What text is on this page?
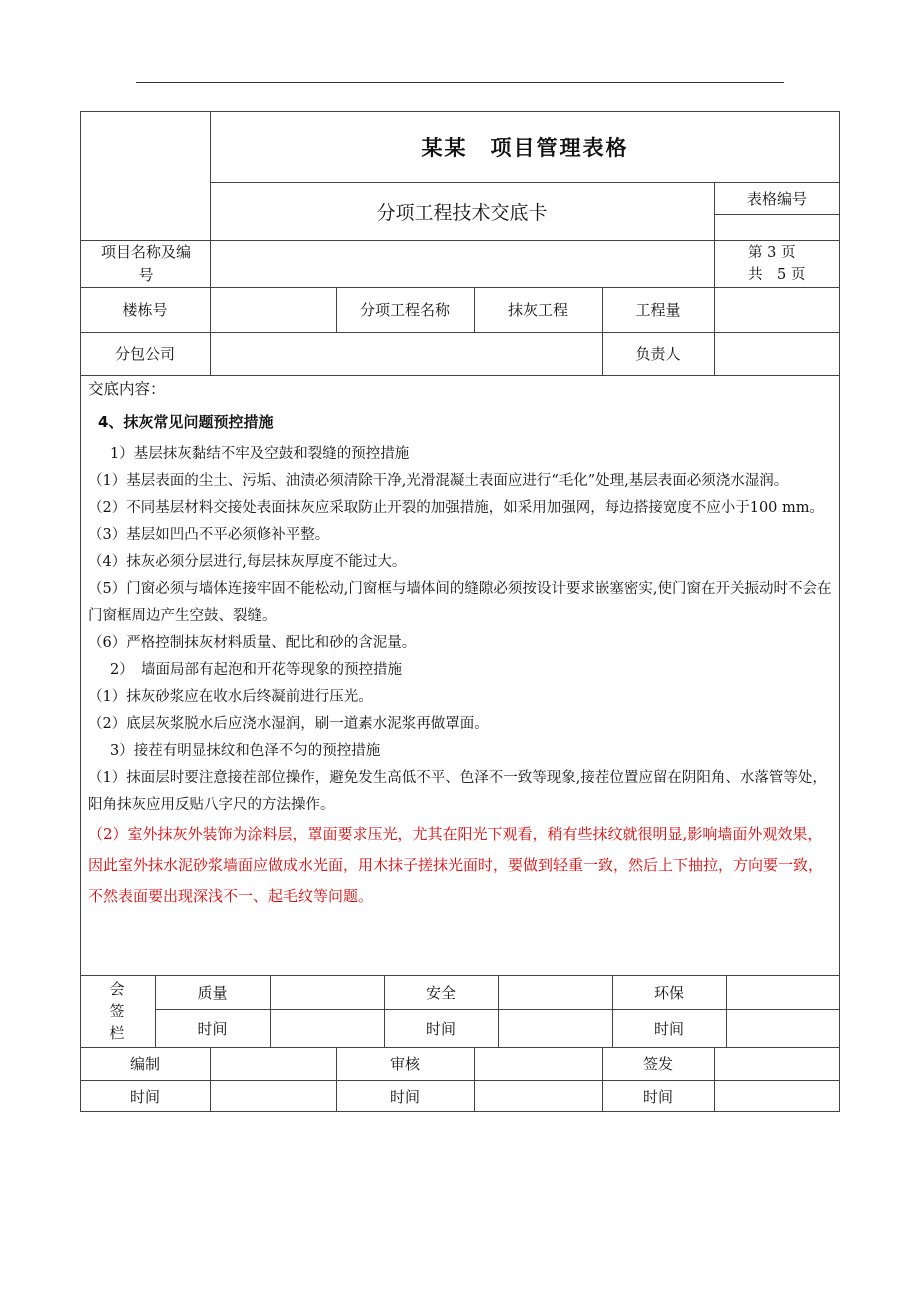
某某　项目管理表格
分项工程技术交底卡
表格编号
项目名称及编号
第 3 页
共　5 页
楼栋号	分项工程名称	抹灰工程	工程量
分包公司	负责人

交底内容：

4、抹灰常见问题预控措施

1）基层抹灰黏结不牢及空鼓和裂缝的预控措施

（1）基层表面的尘土、污垢、油渍必须清除干净,光滑混凝土表面应进行“毛化”处理,基层表面必须浇水湿润。

（2）不同基层材料交接处表面抹灰应采取防止开裂的加强措施，如采用加强网，每边搭接宽度不应小于100 mm。

（3）基层如凹凸不平必须修补平整。

（4）抹灰必须分层进行,每层抹灰厚度不能过大。

（5）门窗必须与墙体连接牢固不能松动,门窗框与墙体间的缝隙必须按设计要求嵌塞密实,使门窗在开关振动时不会在门窗框周边产生空鼓、裂缝。

（6）严格控制抹灰材料质量、配比和砂的含泥量。

2）　墙面局部有起泡和开花等现象的预控措施

（1）抹灰砂浆应在收水后终凝前进行压光。

（2）底层灰浆脱水后应浇水湿润，刷一道素水泥浆再做罩面。

3）接茬有明显抹纹和色泽不匀的预控措施

（1）抹面层时要注意接茬部位操作，避免发生高低不平、色泽不一致等现象,接茬位置应留在阴阳角、水落管等处，阳角抹灰应用反贴八字尺的方法操作。

（2）室外抹灰外装饰为涂料层，罩面要求压光，尤其在阳光下观看，稍有些抹纹就很明显,影响墙面外观效果，因此室外抹水泥砂浆墙面应做成水光面，用木抹子搓抹光面时，要做到轻重一致，然后上下抽拉，方向要一致，不然表面要出现深浅不一、起毛纹等问题。

会签栏
质量	安全	环保
时间	时间	时间
编制	审核	签发
时间	时间	时间
